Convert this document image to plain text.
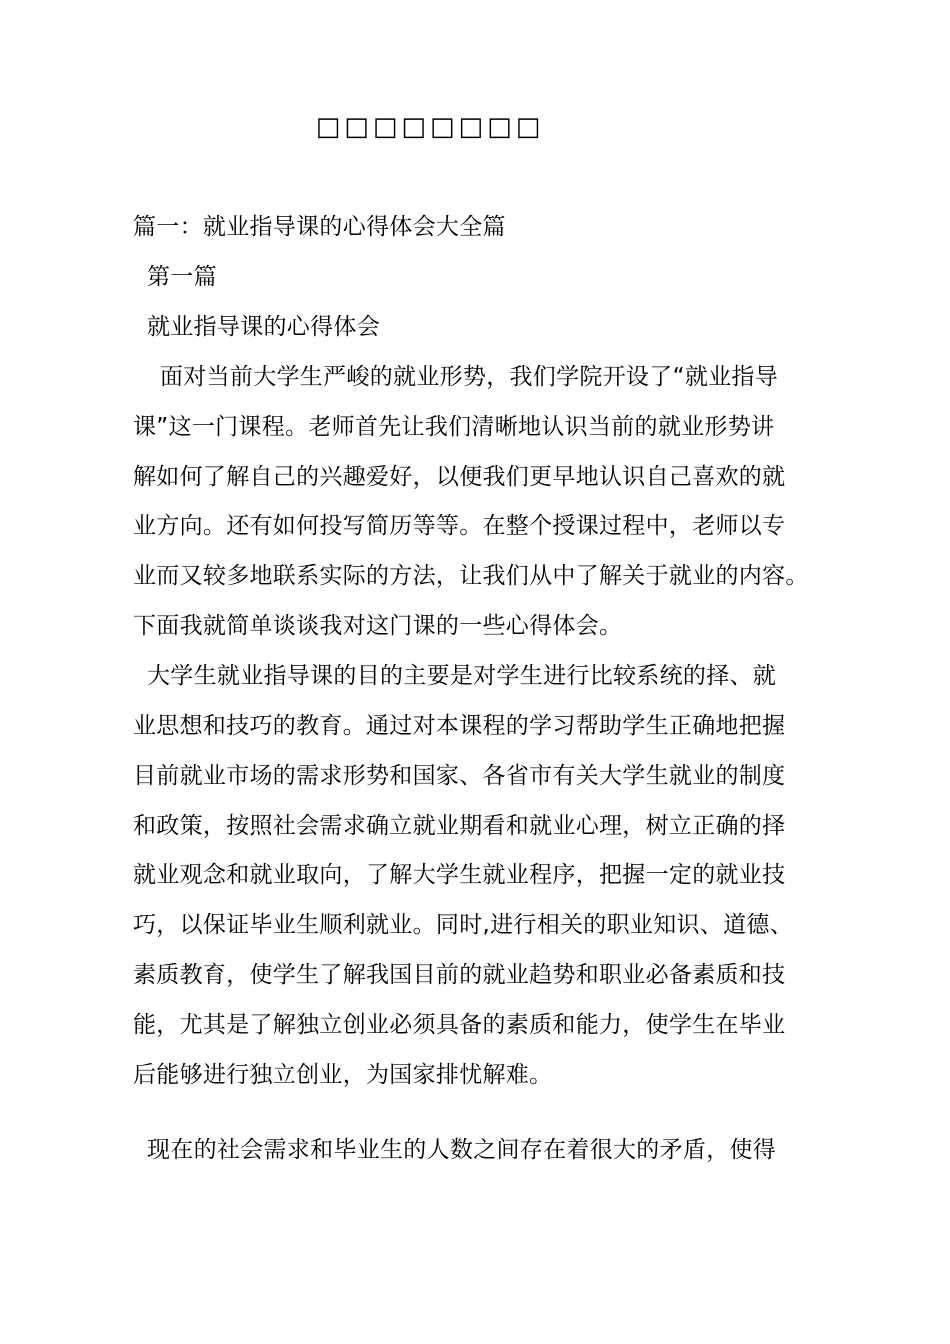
□□□□□□□□
篇一：就业指导课的心得体会大全篇
第一篇
就业指导课的心得体会
面对当前大学生严峻的就业形势，我们学院开设了“就业指导
课”这一门课程。老师首先让我们清晰地认识当前的就业形势讲
解如何了解自己的兴趣爱好，以便我们更早地认识自己喜欢的就
业方向。还有如何投写简历等等。在整个授课过程中，老师以专
业而又较多地联系实际的方法，让我们从中了解关于就业的内容。
下面我就简单谈谈我对这门课的一些心得体会。
大学生就业指导课的目的主要是对学生进行比较系统的择、就
业思想和技巧的教育。通过对本课程的学习帮助学生正确地把握
目前就业市场的需求形势和国家、各省市有关大学生就业的制度
和政策，按照社会需求确立就业期看和就业心理，树立正确的择
就业观念和就业取向，了解大学生就业程序，把握一定的就业技
巧，以保证毕业生顺利就业。同时,进行相关的职业知识、道德、
素质教育，使学生了解我国目前的就业趋势和职业必备素质和技
能，尤其是了解独立创业必须具备的素质和能力，使学生在毕业
后能够进行独立创业，为国家排忧解难。
现在的社会需求和毕业生的人数之间存在着很大的矛盾，使得
